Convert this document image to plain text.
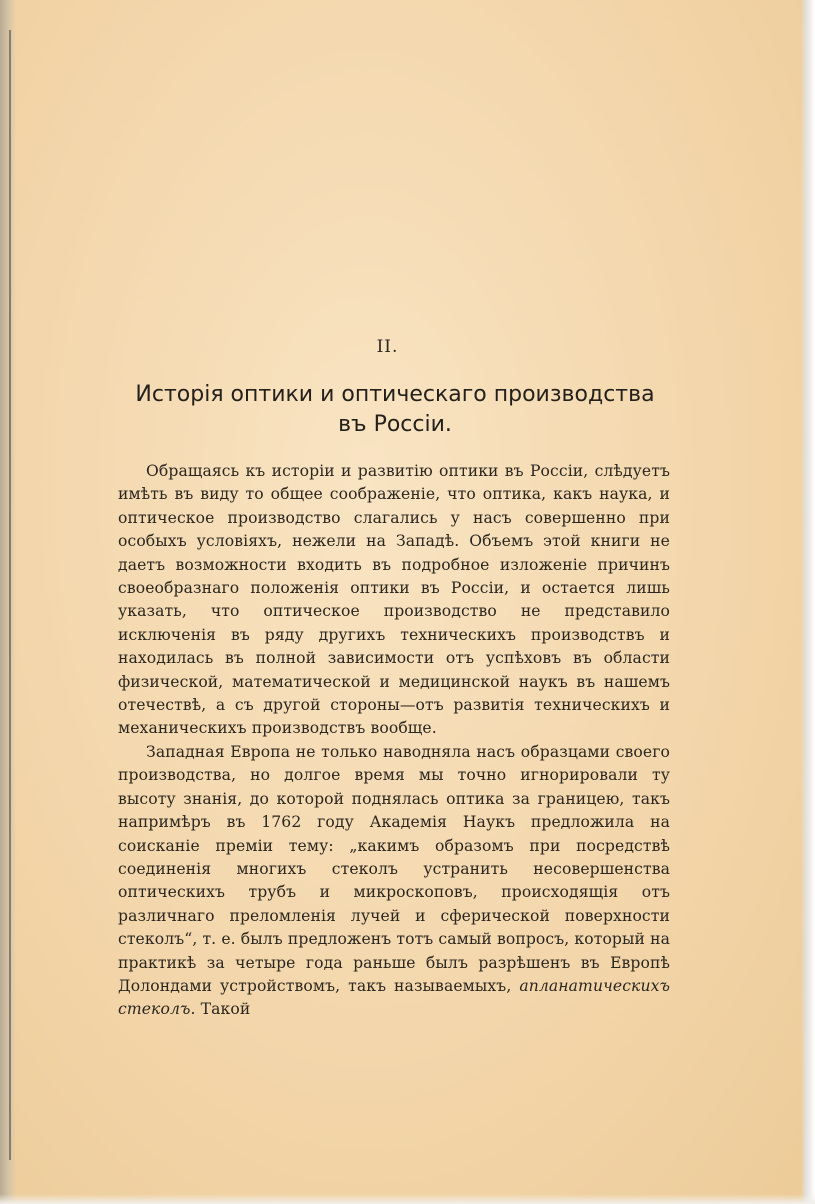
II.
Исторія оптики и оптическаго производства
въ Россіи.

Обращаясь къ исторіи и развитію оптики въ Россіи, слѣдуетъ имѣть въ виду то общее соображеніе, что оптика, какъ наука, и оптическое производство слагались у насъ совершенно при особыхъ условіяхъ, нежели на Западѣ. Объемъ этой книги не даетъ возможности входить въ подробное изложеніе причинъ своеобразнаго положенія оптики въ Россіи, и остается лишь указать, что оптическое производство не представило исключенія въ ряду другихъ техническихъ производствъ и находилась въ полной зависимости отъ успѣховъ въ области физической, математической и медицинской наукъ въ нашемъ отечествѣ, а съ другой стороны—отъ развитія техническихъ и механическихъ производствъ вообще.

Западная Европа не только наводняла насъ образцами своего производства, но долгое время мы точно игнорировали ту высоту знанія, до которой поднялась оптика за границею, такъ напримѣръ въ 1762 году Академія Наукъ предложила на соисканіе преміи тему: „какимъ образомъ при посредствѣ соединенія многихъ стеколъ устранить несовершенства оптическихъ трубъ и микроскоповъ, происходящія отъ различнаго преломленія лучей и сферической поверхности стеколъ“, т. е. былъ предложенъ тотъ самый вопросъ, который на практикѣ за четыре года раньше былъ разрѣшенъ въ Европѣ Долондами устройствомъ, такъ называемыхъ, апланатическихъ стеколъ. Такой
